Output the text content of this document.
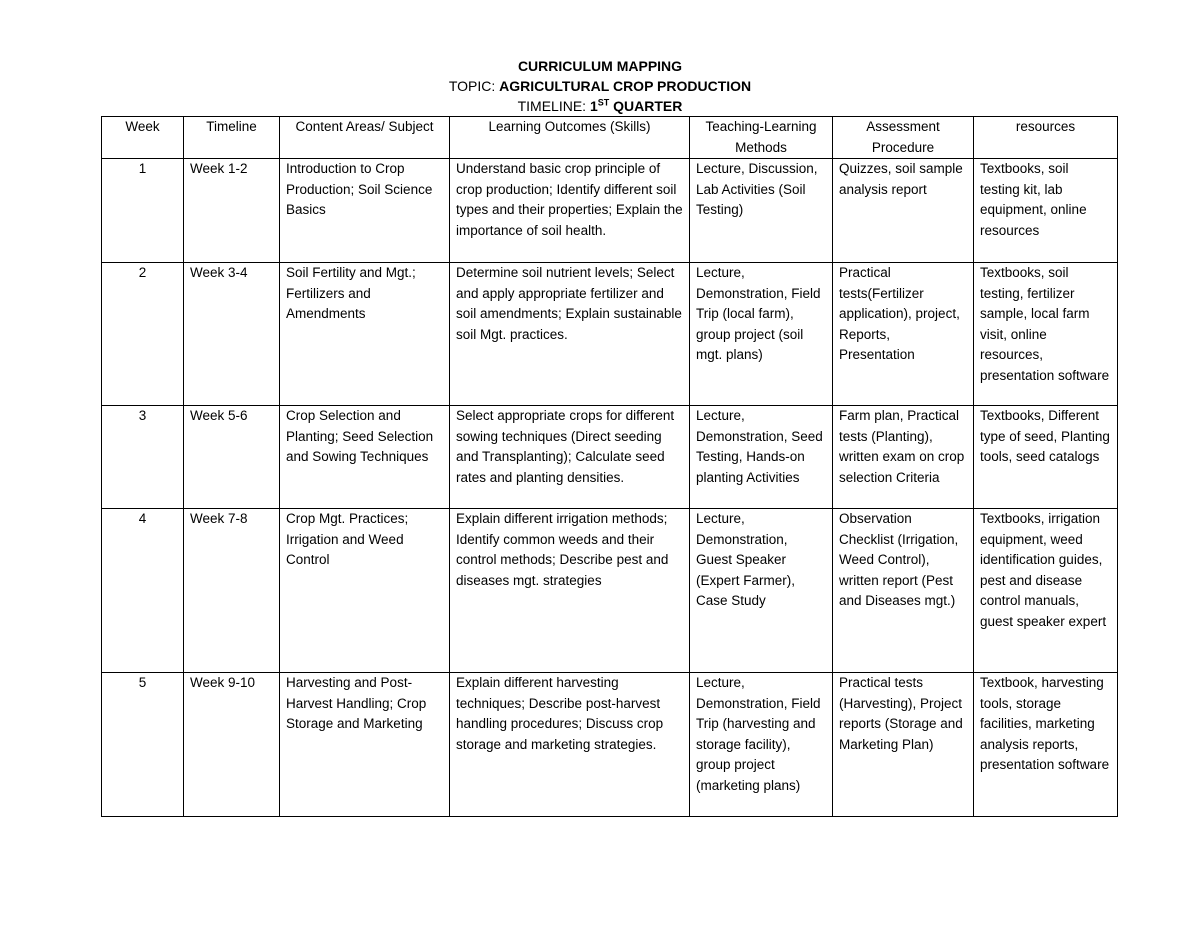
CURRICULUM MAPPING
TOPIC: AGRICULTURAL CROP PRODUCTION
TIMELINE: 1ST QUARTER
Week	Timeline	Content Areas/ Subject	Learning Outcomes (Skills)	Teaching-Learning Methods	Assessment Procedure	resources
1	Week 1-2	Introduction to Crop Production; Soil Science Basics	Understand basic crop principle of crop production; Identify different soil types and their properties; Explain the importance of soil health.	Lecture, Discussion, Lab Activities (Soil Testing)	Quizzes, soil sample analysis report	Textbooks, soil testing kit, lab equipment, online resources
2	Week 3-4	Soil Fertility and Mgt.; Fertilizers and Amendments	Determine soil nutrient levels; Select and apply appropriate fertilizer and soil amendments; Explain sustainable soil Mgt. practices.	Lecture, Demonstration, Field Trip (local farm), group project (soil mgt. plans)	Practical tests(Fertilizer application), project, Reports, Presentation	Textbooks, soil testing, fertilizer sample, local farm visit, online resources, presentation software
3	Week 5-6	Crop Selection and Planting; Seed Selection and Sowing Techniques	Select appropriate crops for different sowing techniques (Direct seeding and Transplanting); Calculate seed rates and planting densities.	Lecture, Demonstration, Seed Testing, Hands-on planting Activities	Farm plan, Practical tests (Planting), written exam on crop selection Criteria	Textbooks, Different type of seed, Planting tools, seed catalogs
4	Week 7-8	Crop Mgt. Practices; Irrigation and Weed Control	Explain different irrigation methods; Identify common weeds and their control methods; Describe pest and diseases mgt. strategies	Lecture, Demonstration, Guest Speaker (Expert Farmer), Case Study	Observation Checklist (Irrigation, Weed Control), written report (Pest and Diseases mgt.)	Textbooks, irrigation equipment, weed identification guides, pest and disease control manuals, guest speaker expert
5	Week 9-10	Harvesting and Post-Harvest Handling; Crop Storage and Marketing	Explain different harvesting techniques; Describe post-harvest handling procedures; Discuss crop storage and marketing strategies.	Lecture, Demonstration, Field Trip (harvesting and storage facility), group project (marketing plans)	Practical tests (Harvesting), Project reports (Storage and Marketing Plan)	Textbook, harvesting tools, storage facilities, marketing analysis reports, presentation software
